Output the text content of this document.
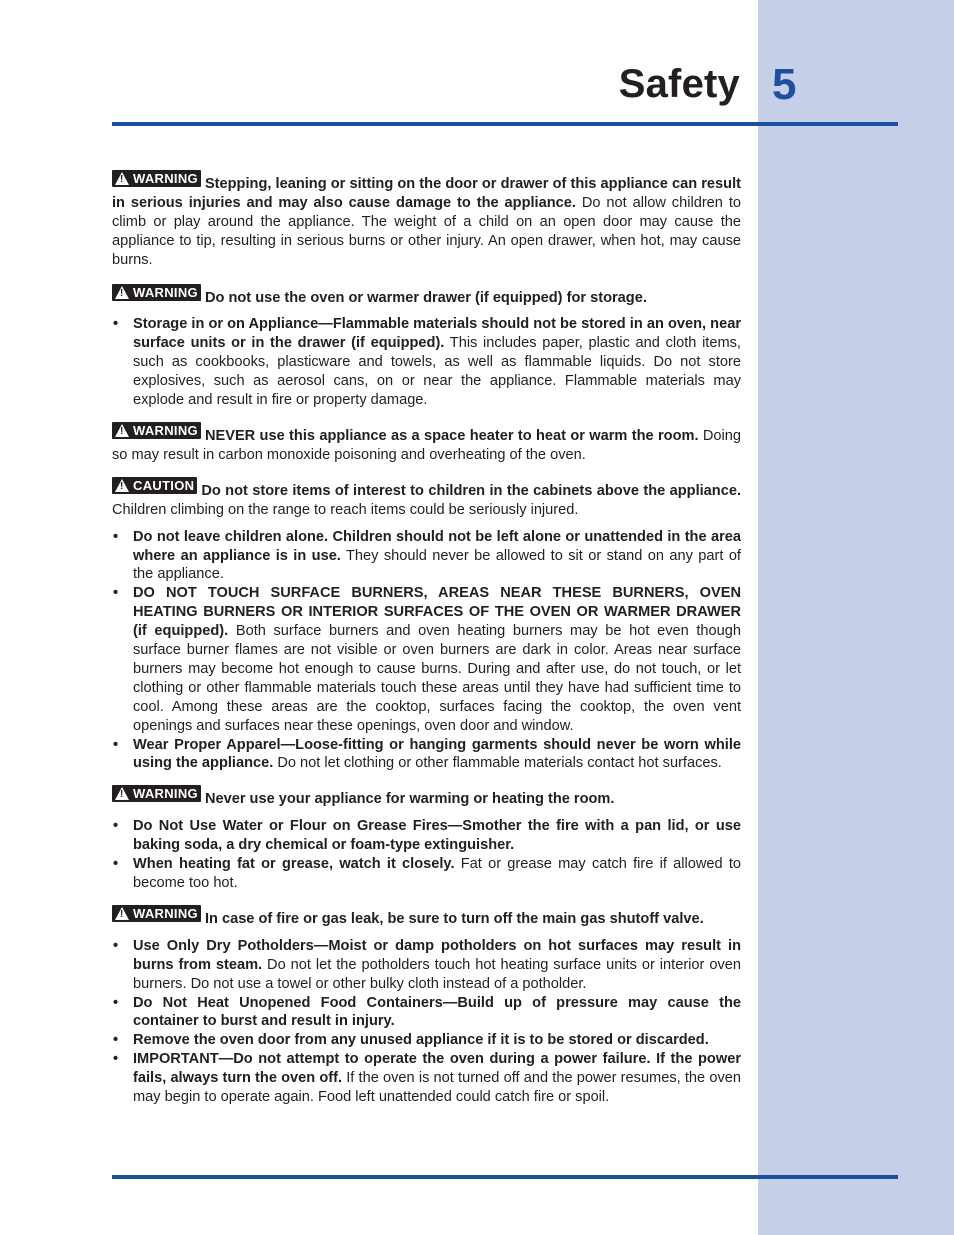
Safety 5

!WARNING Stepping, leaning or sitting on the door or drawer of this appliance can result in serious injuries and may also cause damage to the appliance. Do not allow children to climb or play around the appliance. The weight of a child on an open door may cause the appliance to tip, resulting in serious burns or other injury. An open drawer, when hot, may cause burns.

!WARNING Do not use the oven or warmer drawer (if equipped) for storage.

• Storage in or on Appliance—Flammable materials should not be stored in an oven, near surface units or in the drawer (if equipped). This includes paper, plastic and cloth items, such as cookbooks, plasticware and towels, as well as flammable liquids. Do not store explosives, such as aerosol cans, on or near the appliance. Flammable materials may explode and result in fire or property damage.

!WARNING NEVER use this appliance as a space heater to heat or warm the room. Doing so may result in carbon monoxide poisoning and overheating of the oven.

!CAUTION Do not store items of interest to children in the cabinets above the appliance. Children climbing on the range to reach items could be seriously injured.

• Do not leave children alone. Children should not be left alone or unattended in the area where an appliance is in use. They should never be allowed to sit or stand on any part of the appliance.
• DO NOT TOUCH SURFACE BURNERS, AREAS NEAR THESE BURNERS, OVEN HEATING BURNERS OR INTERIOR SURFACES OF THE OVEN OR WARMER DRAWER (if equipped). Both surface burners and oven heating burners may be hot even though surface burner flames are not visible or oven burners are dark in color. Areas near surface burners may become hot enough to cause burns. During and after use, do not touch, or let clothing or other flammable materials touch these areas until they have had sufficient time to cool. Among these areas are the cooktop, surfaces facing the cooktop, the oven vent openings and surfaces near these openings, oven door and window.
• Wear Proper Apparel—Loose-fitting or hanging garments should never be worn while using the appliance. Do not let clothing or other flammable materials contact hot surfaces.

!WARNING Never use your appliance for warming or heating the room.

• Do Not Use Water or Flour on Grease Fires—Smother the fire with a pan lid, or use baking soda, a dry chemical or foam-type extinguisher.
• When heating fat or grease, watch it closely. Fat or grease may catch fire if allowed to become too hot.

!WARNING In case of fire or gas leak, be sure to turn off the main gas shutoff valve.

• Use Only Dry Potholders—Moist or damp potholders on hot surfaces may result in burns from steam. Do not let the potholders touch hot heating surface units or interior oven burners. Do not use a towel or other bulky cloth instead of a potholder.
• Do Not Heat Unopened Food Containers—Build up of pressure may cause the container to burst and result in injury.
• Remove the oven door from any unused appliance if it is to be stored or discarded.
• IMPORTANT—Do not attempt to operate the oven during a power failure. If the power fails, always turn the oven off. If the oven is not turned off and the power resumes, the oven may begin to operate again. Food left unattended could catch fire or spoil.
